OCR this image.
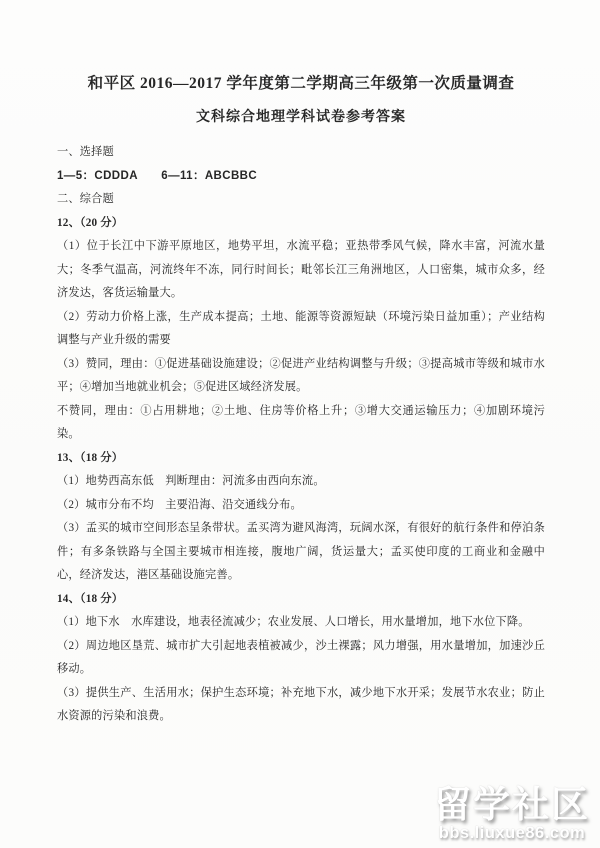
和平区 2016—2017 学年度第二学期高三年级第一次质量调查
文科综合地理学科试卷参考答案

一、选择题

1—5：CDDDA　　6—11：ABCBBC

二、综合题

12、（20 分）

（1）位于长江中下游平原地区，地势平坦，水流平稳；亚热带季风气候，降水丰富，河流水量大；冬季气温高，河流终年不冻，同行时间长；毗邻长江三角洲地区，人口密集，城市众多，经济发达，客货运输量大。

（2）劳动力价格上涨，生产成本提高；土地、能源等资源短缺（环境污染日益加重）；产业结构调整与产业升级的需要

（3）赞同，理由：①促进基础设施建设；②促进产业结构调整与升级；③提高城市等级和城市水平；④增加当地就业机会；⑤促进区域经济发展。

不赞同，理由：①占用耕地；②土地、住房等价格上升；③增大交通运输压力；④加剧环境污染。

13、（18 分）

（1）地势西高东低　判断理由：河流多由西向东流。

（2）城市分布不均　主要沿海、沿交通线分布。

（3）孟买的城市空间形态呈条带状。孟买湾为避风海湾，玩阔水深，有很好的航行条件和停泊条件；有多条铁路与全国主要城市相连接，腹地广阔，货运量大；孟买使印度的工商业和金融中心，经济发达，港区基础设施完善。

14、（18 分）

（1）地下水　水库建设，地表径流减少；农业发展、人口增长，用水量增加，地下水位下降。

（2）周边地区垦荒、城市扩大引起地表植被减少，沙土裸露；风力增强，用水量增加，加速沙丘移动。

（3）提供生产、生活用水；保护生态环境；补充地下水，减少地下水开采；发展节水农业；防止水资源的污染和浪费。

留学社区
bbs.liuxue86.com
